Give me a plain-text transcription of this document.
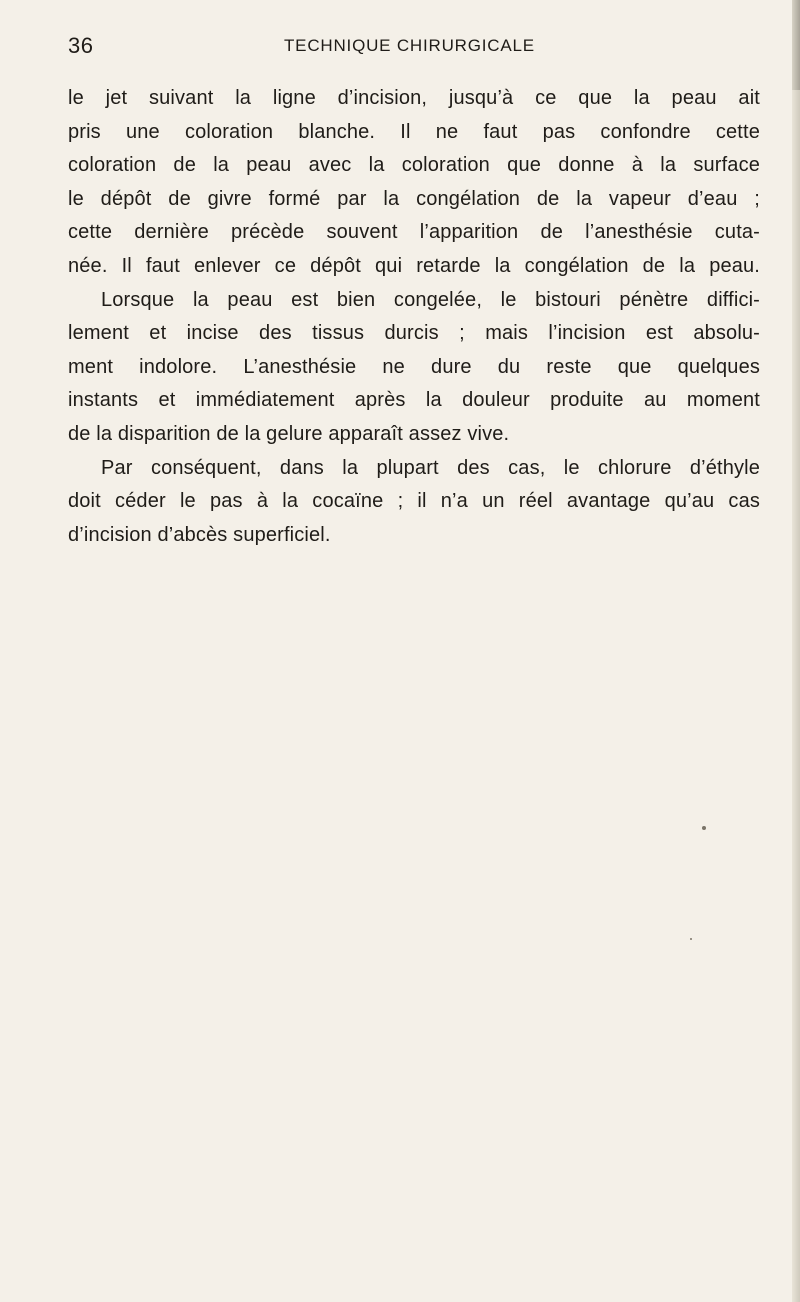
36	TECHNIQUE CHIRURGICALE
le jet suivant la ligne d’incision, jusqu’à ce que la peau ait
pris une coloration blanche. Il ne faut pas confondre cette
coloration de la peau avec la coloration que donne à la surface
le dépôt de givre formé par la congélation de la vapeur d’eau ;
cette dernière précède souvent l’apparition de l’anesthésie cuta-
née. Il faut enlever ce dépôt qui retarde la congélation de la peau.
Lorsque la peau est bien congelée, le bistouri pénètre diffici-
lement et incise des tissus durcis ; mais l’incision est absolu-
ment indolore. L’anesthésie ne dure du reste que quelques
instants et immédiatement après la douleur produite au moment
de la disparition de la gelure apparaît assez vive.
Par conséquent, dans la plupart des cas, le chlorure d’éthyle
doit céder le pas à la cocaïne ; il n’a un réel avantage qu’au cas
d’incision d’abcès superficiel.
